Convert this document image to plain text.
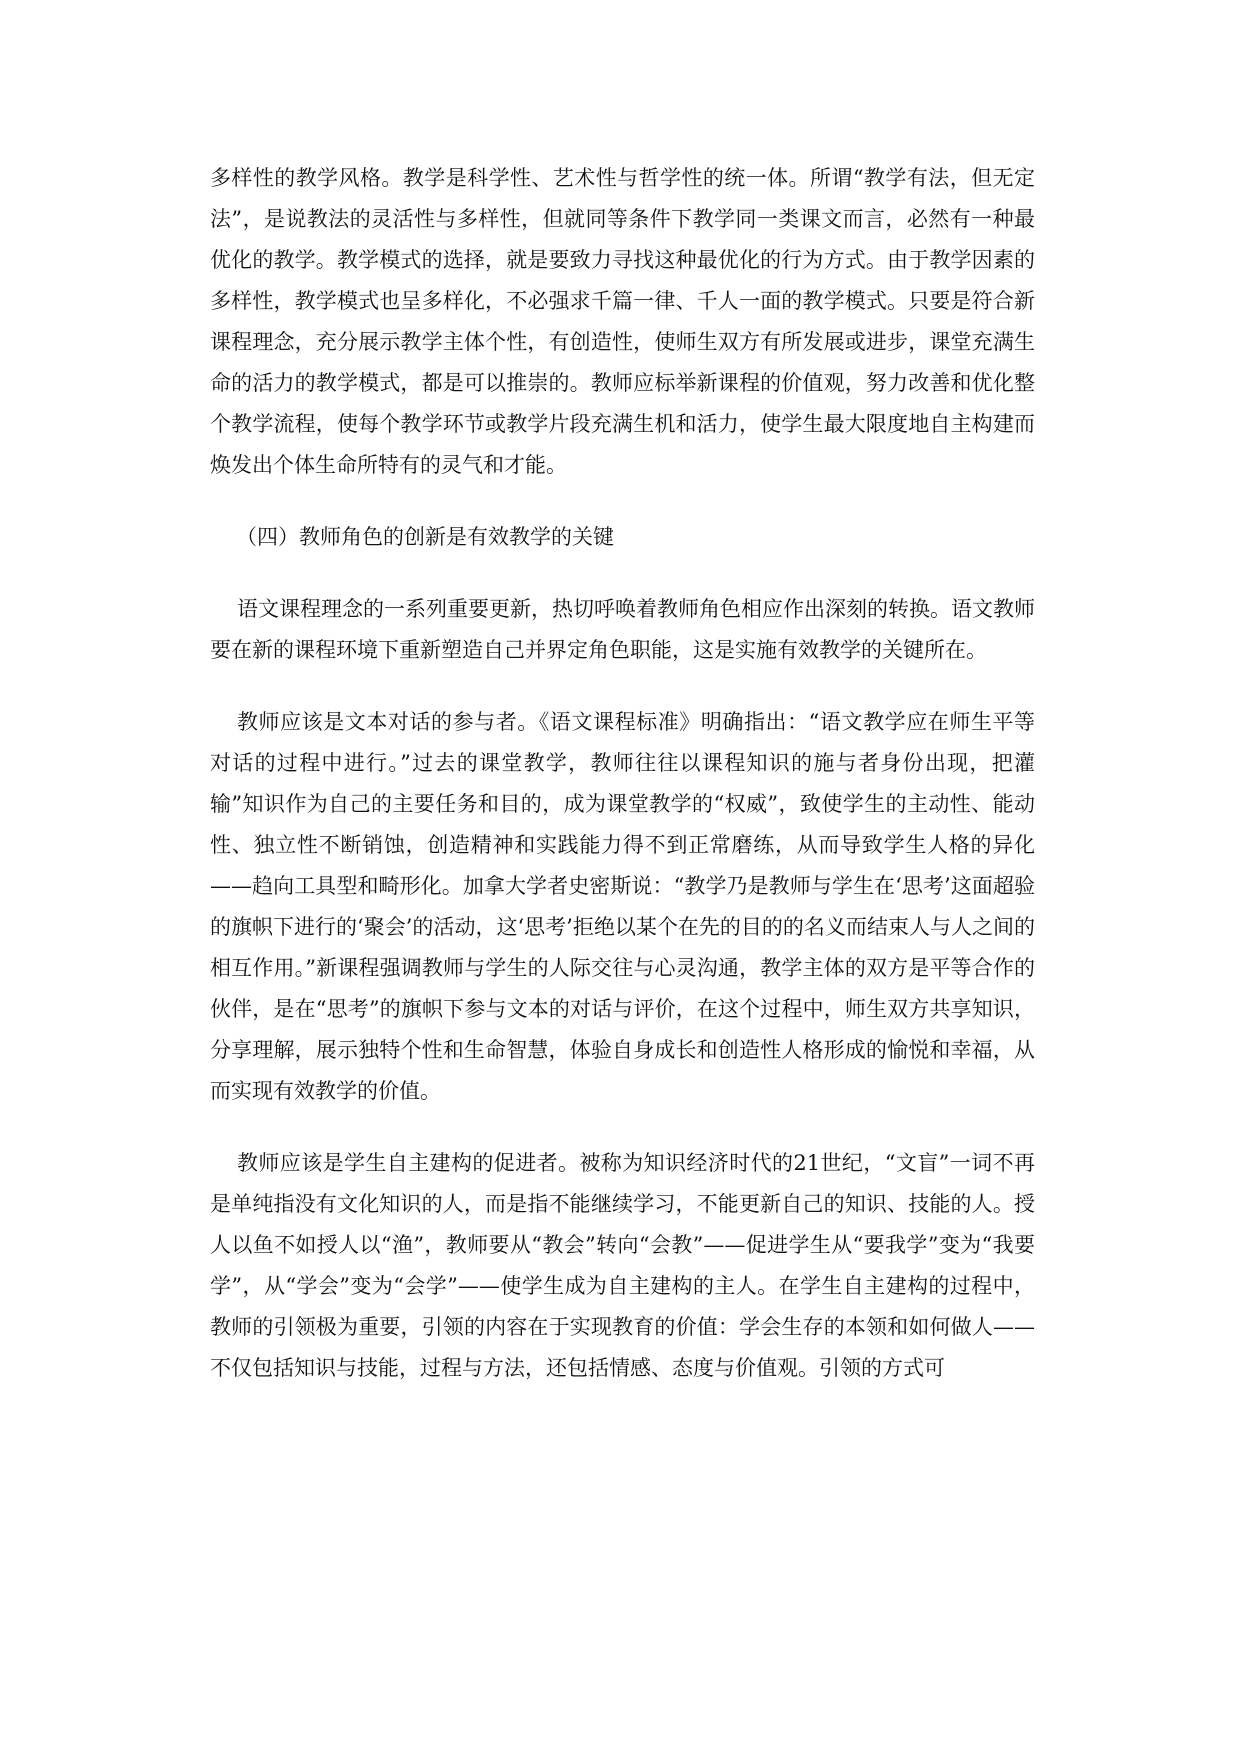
多样性的教学风格。教学是科学性、艺术性与哲学性的统一体。所谓“教学有法，但无定法”，是说教法的灵活性与多样性，但就同等条件下教学同一类课文而言，必然有一种最优化的教学。教学模式的选择，就是要致力寻找这种最优化的行为方式。由于教学因素的多样性，教学模式也呈多样化，不必强求千篇一律、千人一面的教学模式。只要是符合新课程理念，充分展示教学主体个性，有创造性，使师生双方有所发展或进步，课堂充满生命的活力的教学模式，都是可以推崇的。教师应标举新课程的价值观，努力改善和优化整个教学流程，使每个教学环节或教学片段充满生机和活力，使学生最大限度地自主构建而焕发出个体生命所特有的灵气和才能。

（四）教师角色的创新是有效教学的关键

语文课程理念的一系列重要更新，热切呼唤着教师角色相应作出深刻的转换。语文教师要在新的课程环境下重新塑造自己并界定角色职能，这是实施有效教学的关键所在。

教师应该是文本对话的参与者。《语文课程标准》明确指出：“语文教学应在师生平等对话的过程中进行。”过去的课堂教学，教师往往以课程知识的施与者身份出现，把灌输”知识作为自己的主要任务和目的，成为课堂教学的“权威”，致使学生的主动性、能动性、独立性不断销蚀，创造精神和实践能力得不到正常磨练，从而导致学生人格的异化——趋向工具型和畸形化。加拿大学者史密斯说：“教学乃是教师与学生在‘思考’这面超验的旗帜下进行的‘聚会’的活动，这‘思考’拒绝以某个在先的目的的名义而结束人与人之间的相互作用。”新课程强调教师与学生的人际交往与心灵沟通，教学主体的双方是平等合作的伙伴，是在“思考”的旗帜下参与文本的对话与评价，在这个过程中，师生双方共享知识，分享理解，展示独特个性和生命智慧，体验自身成长和创造性人格形成的愉悦和幸福，从而实现有效教学的价值。

教师应该是学生自主建构的促进者。被称为知识经济时代的21世纪，“文盲”一词不再是单纯指没有文化知识的人，而是指不能继续学习，不能更新自己的知识、技能的人。授人以鱼不如授人以“渔”，教师要从“教会”转向“会教”——促进学生从“要我学”变为“我要学”，从“学会”变为“会学”——使学生成为自主建构的主人。在学生自主建构的过程中，教师的引领极为重要，引领的内容在于实现教育的价值：学会生存的本领和如何做人——不仅包括知识与技能，过程与方法，还包括情感、态度与价值观。引领的方式可
